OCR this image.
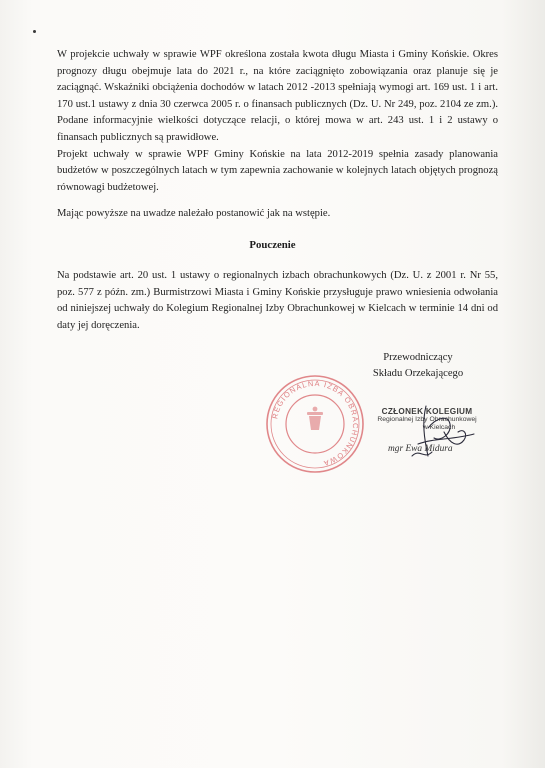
W projekcie uchwały w sprawie WPF określona została kwota długu Miasta i Gminy Końskie. Okres prognozy długu obejmuje lata do 2021 r., na które zaciągnięto zobowiązania oraz planuje się je zaciągnąć. Wskaźniki obciążenia dochodów w latach 2012 -2013 spełniają wymogi art. 169 ust. 1 i art. 170 ust.1 ustawy z dnia 30 czerwca 2005 r. o finansach publicznych (Dz. U. Nr 249, poz. 2104 ze zm.). Podane informacyjnie wielkości dotyczące relacji, o której mowa w art. 243 ust. 1 i 2 ustawy o finansach publicznych są prawidłowe.

Projekt uchwały w sprawie WPF Gminy Końskie na lata 2012-2019 spełnia zasady planowania budżetów w poszczególnych latach w tym zapewnia zachowanie w kolejnych latach objętych prognozą równowagi budżetowej.

Mając powyższe na uwadze należało postanowić jak na wstępie.

Pouczenie

Na podstawie art. 20 ust. 1 ustawy o regionalnych izbach obrachunkowych (Dz. U. z 2001 r. Nr 55, poz. 577 z późn. zm.) Burmistrzowi Miasta i Gminy Końskie przysługuje prawo wniesienia odwołania od niniejszej uchwały do Kolegium Regionalnej Izby Obrachunkowej w Kielcach w terminie 14 dni od daty jej doręczenia.

Przewodniczący
Składu Orzekającego
REGIONALNA IZBA OBRACHUNKOWA
CZŁONEK KOLEGIUM
Regionalnej Izby Obrachunkowej
w Kielcach
mgr Ewa Midura
